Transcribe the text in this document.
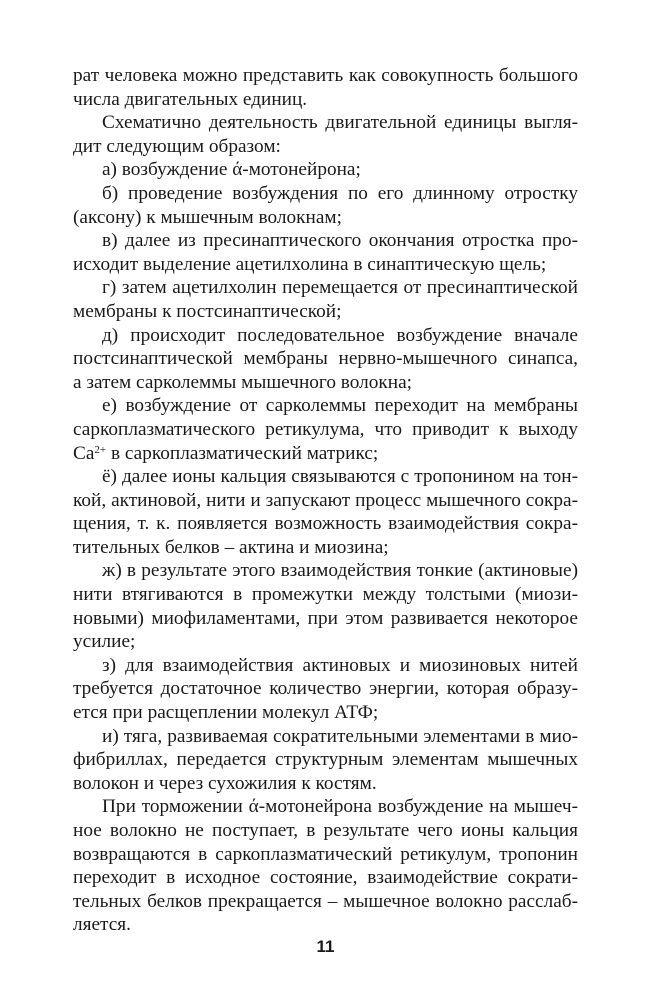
рат человека можно представить как совокупность большого
числа двигательных единиц.
Схематично деятельность двигательной единицы выгля-
дит следующим образом:
а) возбуждение ά-мотонейрона;
б) проведение возбуждения по его длинному отростку
(аксону) к мышечным волокнам;
в) далее из пресинаптического окончания отростка про-
исходит выделение ацетилхолина в синаптическую щель;
г) затем ацетилхолин перемещается от пресинаптической
мембраны к постсинаптической;
д) происходит последовательное возбуждение вначале
постсинаптической мембраны нервно-мышечного синапса,
а затем сарколеммы мышечного волокна;
е) возбуждение от сарколеммы переходит на мембраны
саркоплазматического ретикулума, что приводит к выходу
$Ca^{2+}$ в саркоплазматический матрикс;
ё) далее ионы кальция связываются с тропонином на тон-
кой, актиновой, нити и запускают процесс мышечного сокра-
щения, т. к. появляется возможность взаимодействия сокра-
тительных белков – актина и миозина;
ж) в результате этого взаимодействия тонкие (актиновые)
нити втягиваются в промежутки между толстыми (миози-
новыми) миофиламентами, при этом развивается некоторое
усилие;
з) для взаимодействия актиновых и миозиновых нитей
требуется достаточное количество энергии, которая образу-
ется при расщеплении молекул АТФ;
и) тяга, развиваемая сократительными элементами в мио-
фибриллах, передается структурным элементам мышечных
волокон и через сухожилия к костям.
При торможении ά-мотонейрона возбуждение на мышеч-
ное волокно не поступает, в результате чего ионы кальция
возвращаются в саркоплазматический ретикулум, тропонин
переходит в исходное состояние, взаимодействие сократи-
тельных белков прекращается – мышечное волокно расслаб-
ляется.
11
